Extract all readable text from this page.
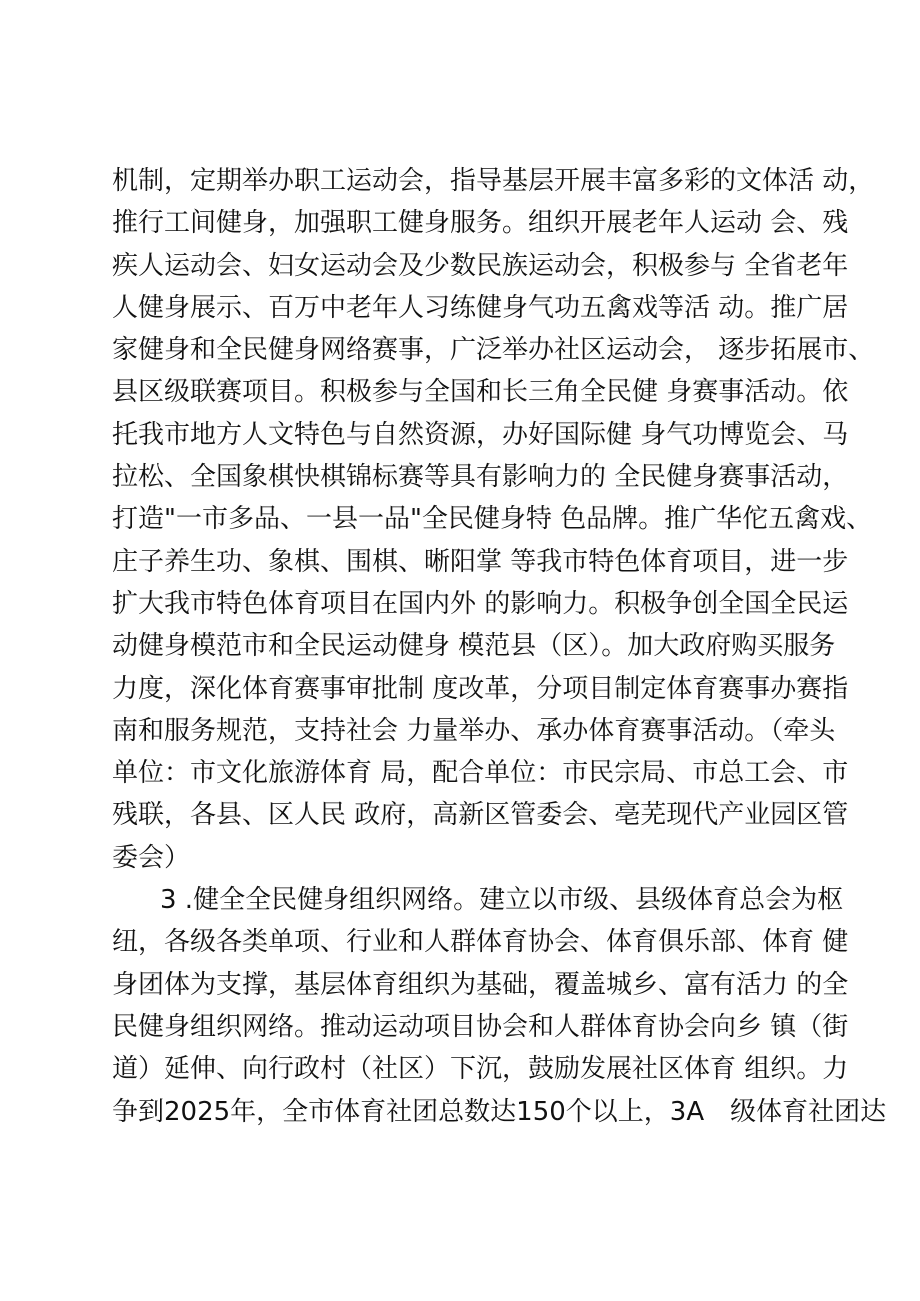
机制，定期举办职工运动会，指导基层开展丰富多彩的文体活 动，
推行工间健身，加强职工健身服务。组织开展老年人运动 会、残
疾人运动会、妇女运动会及少数民族运动会，积极参与 全省老年
人健身展示、百万中老年人习练健身气功五禽戏等活 动。推广居
家健身和全民健身网络赛事，广泛举办社区运动会， 逐步拓展市、
县区级联赛项目。积极参与全国和长三角全民健 身赛事活动。依
托我市地方人文特色与自然资源，办好国际健 身气功博览会、马
拉松、全国象棋快棋锦标赛等具有影响力的 全民健身赛事活动，
打造"一市多品、一县一品"全民健身特 色品牌。推广华佗五禽戏、
庄子养生功、象棋、围棋、晰阳掌 等我市特色体育项目，进一步
扩大我市特色体育项目在国内外 的影响力。积极争创全国全民运
动健身模范市和全民运动健身 模范县（区）。加大政府购买服务
力度，深化体育赛事审批制 度改革，分项目制定体育赛事办赛指
南和服务规范，支持社会 力量举办、承办体育赛事活动。（牵头
单位：市文化旅游体育 局，配合单位：市民宗局、市总工会、市
残联，各县、区人民 政府，高新区管委会、亳芜现代产业园区管
委会）
3 .健全全民健身组织网络。建立以市级、县级体育总会为枢
纽，各级各类单项、行业和人群体育协会、体育俱乐部、体育 健
身团体为支撑，基层体育组织为基础，覆盖城乡、富有活力 的全
民健身组织网络。推动运动项目协会和人群体育协会向乡 镇（街
道）延伸、向行政村（社区）下沉，鼓励发展社区体育 组织。力
争到2025年，全市体育社团总数达150个以上，3A　级体育社团达
